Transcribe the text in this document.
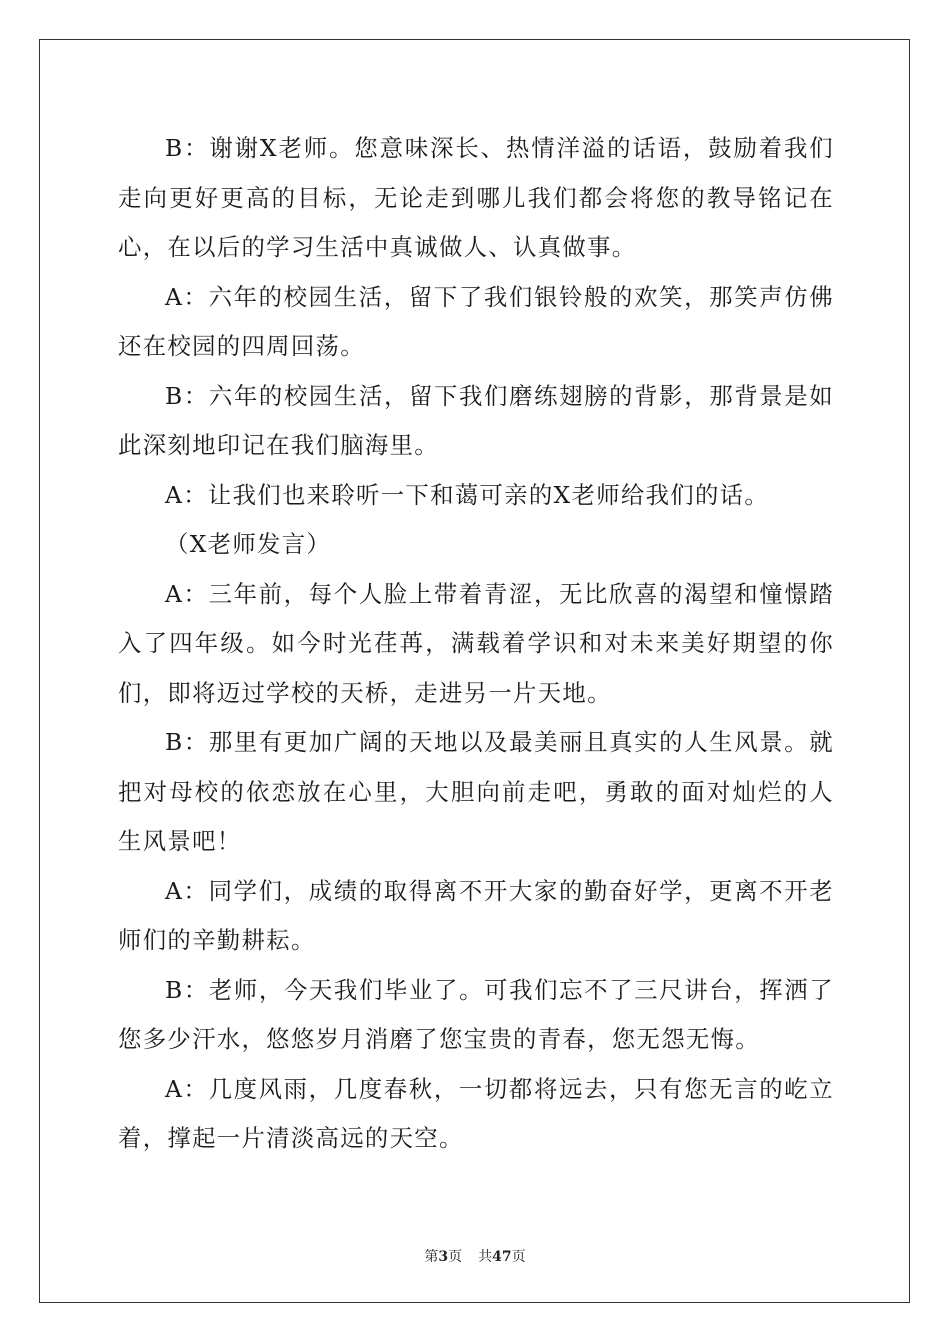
B：谢谢X老师。您意味深长、热情洋溢的话语，鼓励着我们走向更好更高的目标，无论走到哪儿我们都会将您的教导铭记在心，在以后的学习生活中真诚做人、认真做事。

A：六年的校园生活，留下了我们银铃般的欢笑，那笑声仿佛还在校园的四周回荡。

B：六年的校园生活，留下我们磨练翅膀的背影，那背景是如此深刻地印记在我们脑海里。

A：让我们也来聆听一下和蔼可亲的X老师给我们的话。

（X老师发言）

A：三年前，每个人脸上带着青涩，无比欣喜的渴望和憧憬踏入了四年级。如今时光荏苒，满载着学识和对未来美好期望的你们，即将迈过学校的天桥，走进另一片天地。

B：那里有更加广阔的天地以及最美丽且真实的人生风景。就把对母校的依恋放在心里，大胆向前走吧，勇敢的面对灿烂的人生风景吧！

A：同学们，成绩的取得离不开大家的勤奋好学，更离不开老师们的辛勤耕耘。

B：老师，今天我们毕业了。可我们忘不了三尺讲台，挥洒了您多少汗水，悠悠岁月消磨了您宝贵的青春，您无怨无悔。

A：几度风雨，几度春秋，一切都将远去，只有您无言的屹立着，撑起一片清淡高远的天空。

第3页 共47页
